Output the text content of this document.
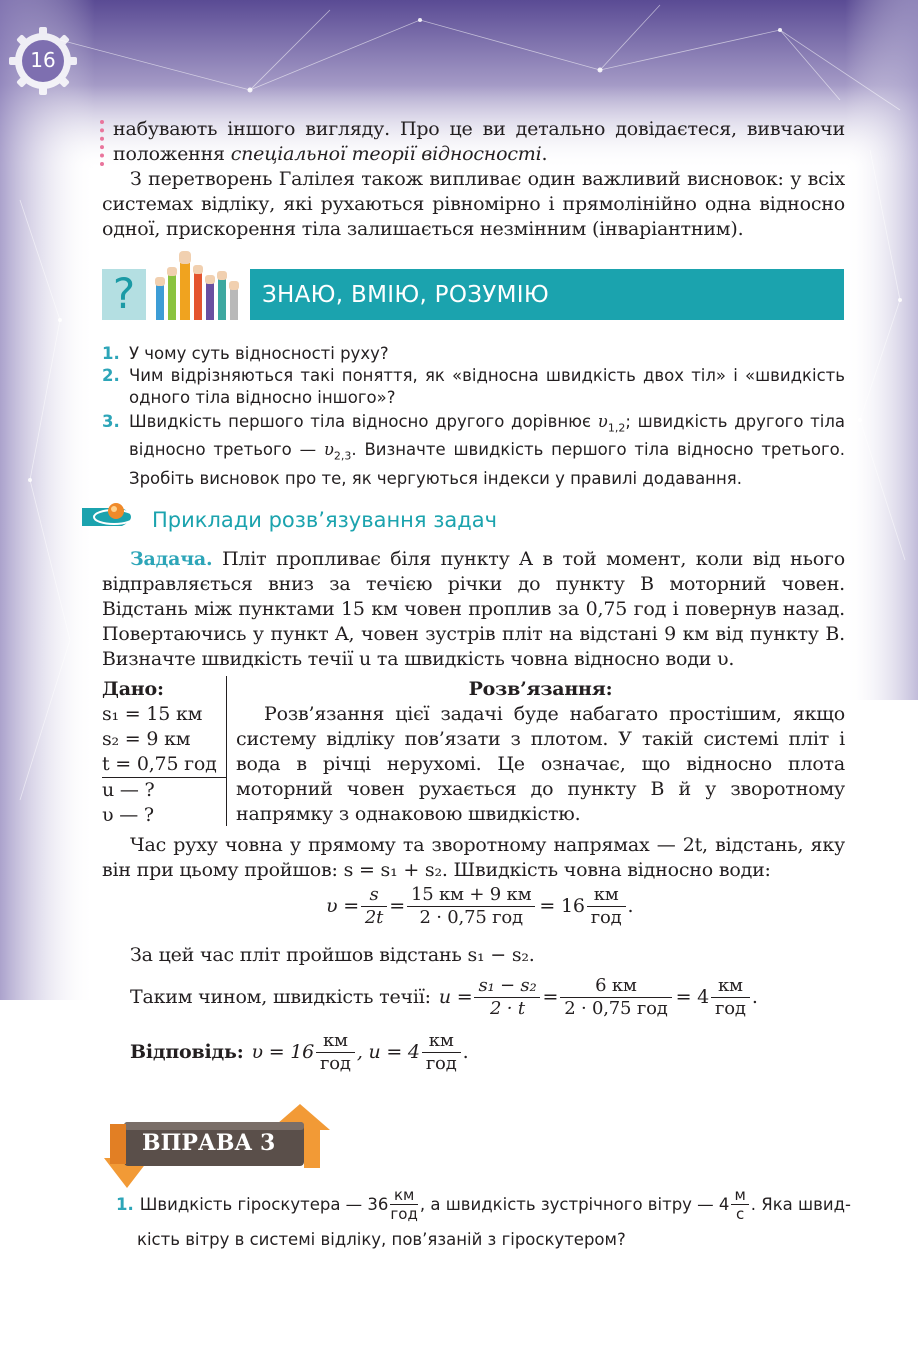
16
набувають іншого вигляду. Про це ви детально довідаєтеся, вивчаючи
положення спеціальної теорії відносності.
З перетворень Галілея також випливає один важливий висновок: у всіх системах відліку, які рухаються рівномірно і прямолінійно одна відносно одної, прискорення тіла залишається незмінним (інваріантним).
?	ЗНАЮ, ВМІЮ, РОЗУМІЮ
1. У чому суть відносності руху?
2. Чим відрізняються такі поняття, як «відносна швидкість двох тіл» і «швидкість одного тіла відносно іншого»?
3. Швидкість першого тіла відносно другого дорівнює $\upsilon_{1,2}$; швидкість другого тіла відносно третього — $\upsilon_{2,3}$. Визначте швидкість першого тіла відносно третього. Зробіть висновок про те, як чергуються індекси у правилі додавання.
Приклади розв’язування задач
Задача. Пліт пропливає біля пункту A в той момент, коли від нього відправляється вниз за течією річки до пункту B моторний човен. Відстань між пунктами 15 км човен проплив за 0,75 год і повернув назад. Повертаючись у пункт A, човен зустрів пліт на відстані 9 км від пункту B. Визначте швидкість течії u та швидкість човна відносно води υ.
Дано:
s₁ = 15 км
s₂ = 9 км
t = 0,75 год
u — ?
υ — ?
Розв’язання:
Розв’язання цієї задачі буде набагато простішим, якщо систему відліку пов’язати з плотом. У такій системі пліт і вода в річці нерухомі. Це означає, що відносно плота моторний човен рухається до пункту B й у зворотному напрямку з однаковою швидкістю.
Час руху човна у прямому та зворотному напрямах — 2t, відстань, яку він при цьому пройшов: s = s₁ + s₂. Швидкість човна відносно води:
$\upsilon = \frac{s}{2t} = \frac{15 км + 9 км}{\text{2 · 0,75 год}} = 16 \frac{км}{\text{год}}$ .
За цей час пліт пройшов відстань s₁ − s₂.
Таким чином, швидкість течії: $u = \frac{\text{s₁ − s₂}}{2 \cdot t} = \frac{6 км}{\text{2 · 0,75 год}} = 4 \frac{км}{\text{год}}$ .
Відповідь: $\upsilon = 16 \frac{км}{\text{год}}$ , $u = 4 \frac{км}{\text{год}}$ .
ВПРАВА 3
1. Швидкість гіроскутера — 36 км
год
, а швидкість зустрічного вітру — 4 м
с
. Яка швид-
кість вітру в системі відліку, пов’язаній з гіроскутером?
